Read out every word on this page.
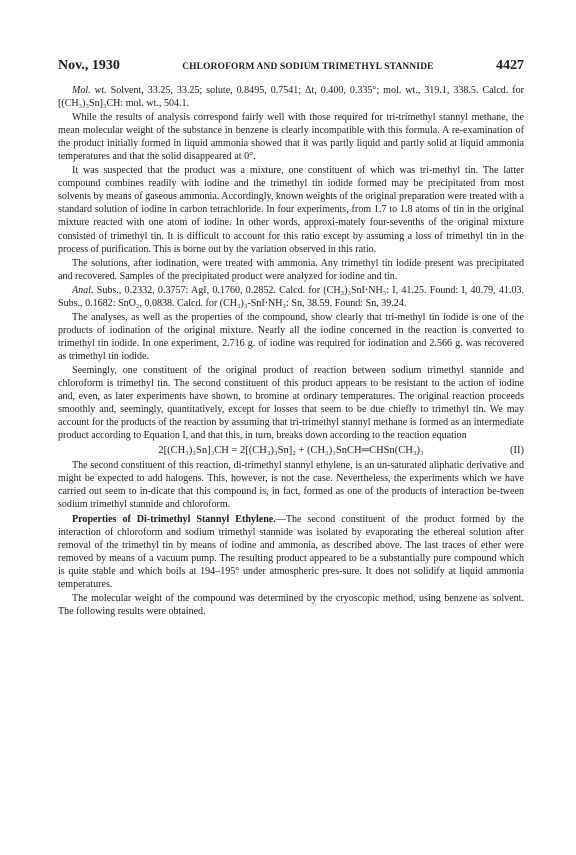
Nov., 1930	CHLOROFORM AND SODIUM TRIMETHYL STANNIDE	4427

Mol. wt. Solvent, 33.25, 33.25; solute, 0.8495, 0.7541; Δt, 0.400, 0.335°; mol. wt., 319.1, 338.5. Calcd. for [(CH₃)₃Sn]₃CH: mol. wt., 504.1.

While the results of analysis correspond fairly well with those required for tri-trimethyl stannyl methane, the mean molecular weight of the substance in benzene is clearly incompatible with this formula. A re-examination of the product initially formed in liquid ammonia showed that it was partly liquid and partly solid at liquid ammonia temperatures and that the solid disappeared at 0°.

It was suspected that the product was a mixture, one constituent of which was tri-methyl tin. The latter compound combines readily with iodine and the trimethyl tin iodide formed may be precipitated from most solvents by means of gaseous ammonia. Accordingly, known weights of the original preparation were treated with a standard solution of iodine in carbon tetrachloride. In four experiments, from 1.7 to 1.8 atoms of tin in the original mixture reacted with one atom of iodine. In other words, approxi-mately four-sevenths of the original mixture consisted of trimethyl tin. It is difficult to account for this ratio except by assuming a loss of trimethyl tin in the process of purification. This is borne out by the variation observed in this ratio.

The solutions, after iodination, were treated with ammonia. Any trimethyl tin iodide present was precipitated and recovered. Samples of the precipitated product were analyzed for iodine and tin.

Anal. Subs., 0.2332, 0.3757: AgI, 0.1760, 0.2852. Calcd. for (CH₃)₃SnI·NH₃: I, 41.25. Found: I, 40.79, 41.03. Subs., 0.1682: SnO₂, 0.0838. Calcd. for (CH₃)₃-SnI·NH₃: Sn, 38.59. Found: Sn, 39.24.

The analyses, as well as the properties of the compound, show clearly that tri-methyl tin iodide is one of the products of iodination of the original mixture. Nearly all the iodine concerned in the reaction is converted to trimethyl tin iodide. In one experiment, 2.716 g. of iodine was required for iodination and 2.566 g. was recovered as trimethyl tin iodide.

Seemingly, one constituent of the original product of reaction between sodium trimethyl stannide and chloroform is trimethyl tin. The second constituent of this product appears to be resistant to the action of iodine and, even, as later experiments have shown, to bromine at ordinary temperatures. The original reaction proceeds smoothly and, seemingly, quantitatively, except for losses that seem to be due chiefly to trimethyl tin. We may account for the products of the reaction by assuming that tri-trimethyl stannyl methane is formed as an intermediate product according to Equation I, and that this, in turn, breaks down according to the reaction equation

2[(CH₃)₃Sn]₃CH = 2[(CH₃)₃Sn]₂ + (CH₃)₃SnCH═CHSn(CH₃)₃	(II)

The second constituent of this reaction, di-trimethyl stannyl ethylene, is an un-saturated aliphatic derivative and might be expected to add halogens. This, however, is not the case. Nevertheless, the experiments which we have carried out seem to in-dicate that this compound is, in fact, formed as one of the products of interaction be-tween sodium trimethyl stannide and chloroform.

Properties of Di-trimethyl Stannyl Ethylene.—The second constituent of the product formed by the interaction of chloroform and sodium trimethyl stannide was isolated by evaporating the ethereal solution after removal of the trimethyl tin by means of iodine and ammonia, as described above. The last traces of ether were removed by means of a vacuum pump. The resulting product appeared to be a substantially pure compound which is quite stable and which boils at 194–195° under atmospheric pres-sure. It does not solidify at liquid ammonia temperatures.

The molecular weight of the compound was determined by the cryoscopic method, using benzene as solvent. The following results were obtained.
